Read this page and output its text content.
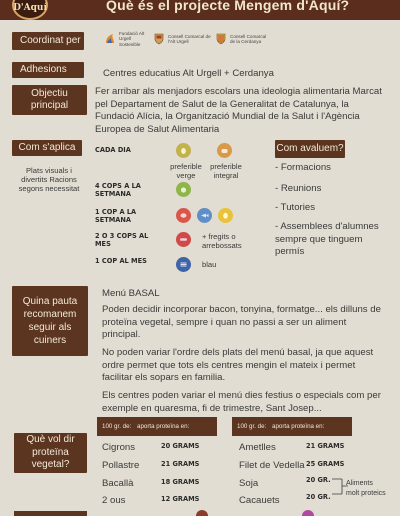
D'Aquí	Què és el projecte Mengem d'Aquí?
Coordinat per
Fundació Alt Urgell Sostenible
Consell Comarcal de l'Alt Urgell
Consell Comarcal de la Cerdanya
Adhesions	Centres educatius Alt Urgell + Cerdanya
Objectiu principal
Fer arribar als menjadors escolars una ideologia alimentaria Marcat pel Departament de Salut de la Generalitat de Catalunya, la Fundació Alícia, la Organització Mundial de la Salut i l'Agència Europea de Salut Alimentaria
Com s'aplica
Plats visuals i divertits Racions segons necessitat
CADA DIA
preferible verge
preferible integral
4 COPS A LA SETMANA
1 COP A LA SETMANA
2 O 3 COPS AL MES
+ fregits o arrebossats
1 COP AL MES	blau
Com avaluem?
- Formacions
- Reunions
- Tutories
- Assemblees d'alumnes sempre que tinguem permís
Quina pauta recomanem seguir als cuiners
Menú BASAL
Poden decidir incorporar bacon, tonyina, formatge... els dilluns de proteïna vegetal, sempre i quan no passi a ser un aliment principal.
No poden variar l'ordre dels plats del menú basal, ja que aquest ordre permet que tots els centres mengin el mateix i permet facilitar els sopars en familia.
Els centres poden variar el menú dies festius o especials com per exemple en quaresma, fi de trimestre, Sant Josep...
Què vol dir proteïna vegetal?
100 gr. de: aporta proteïna en:	100 gr. de: aporta proteïna en:
Cigrons	20 GRAMS
Pollastre	21 GRAMS
Bacallà	18 GRAMS
2 ous	12 GRAMS
Ametlles	21 GRAMS
Filet de Vedella 25 GRAMS
Soja	20 GR.
Cacauets	20 GR.
Aliments
molt proteics
